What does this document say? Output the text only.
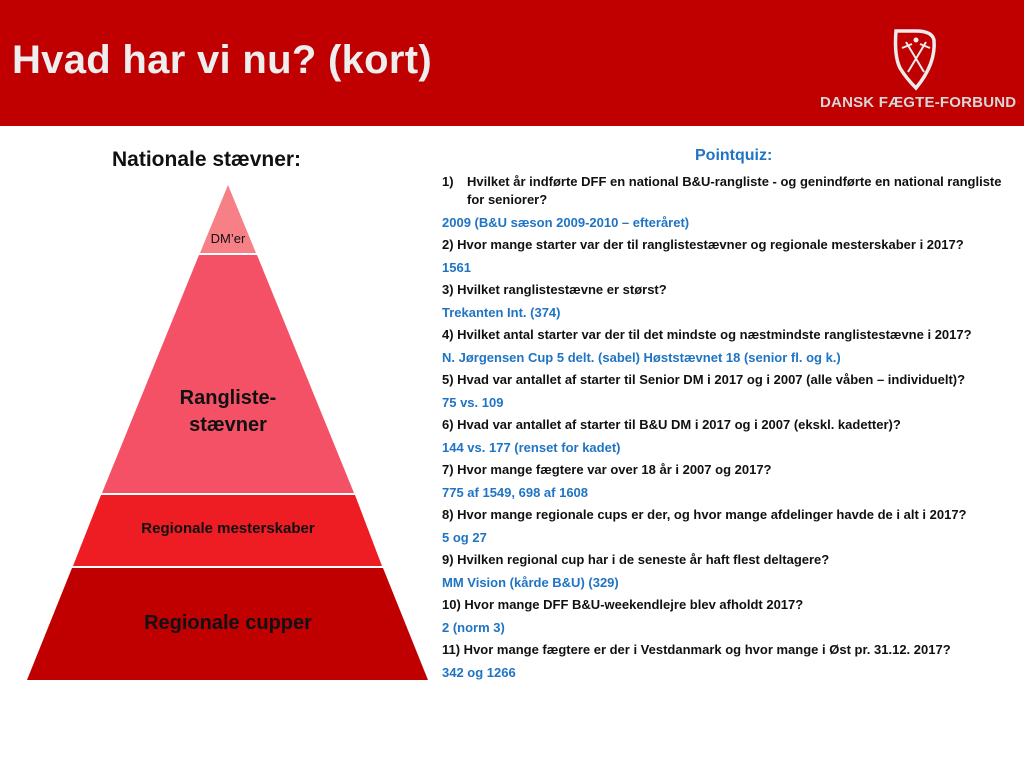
Hvad har vi nu? (kort)
DANSK FÆGTE-FORBUND
Nationale stævner:
DM’er
Rangliste-
stævner
Regionale mesterskaber
Regionale cupper
Pointquiz:
1)	Hvilket år indførte DFF en national B&U-rangliste - og genindførte en national rangliste for seniorer?
2009 (B&U sæson 2009-2010 – efteråret)
2) Hvor mange starter var der til ranglistestævner og regionale mesterskaber i 2017?
1561
3) Hvilket ranglistestævne er størst?
Trekanten Int. (374)
4) Hvilket antal starter var der til det mindste og næstmindste ranglistestævne i 2017?
N. Jørgensen Cup 5 delt. (sabel) Høststævnet 18 (senior fl. og k.)
5) Hvad var antallet af starter til Senior DM i 2017 og i 2007 (alle våben – individuelt)?
75 vs. 109
6) Hvad var antallet af starter til B&U DM i 2017 og i 2007 (ekskl. kadetter)?
144 vs. 177 (renset for kadet)
7) Hvor mange fægtere var over 18 år i 2007 og 2017?
775 af 1549, 698 af 1608
8) Hvor mange regionale cups er der, og hvor mange afdelinger havde de i alt i 2017?
5 og 27
9) Hvilken regional cup har i de seneste år haft flest deltagere?
MM Vision (kårde B&U) (329)
10) Hvor mange DFF B&U-weekendlejre blev afholdt 2017?
2 (norm 3)
11) Hvor mange fægtere er der i Vestdanmark og hvor mange i Øst pr. 31.12. 2017?
342 og 1266
